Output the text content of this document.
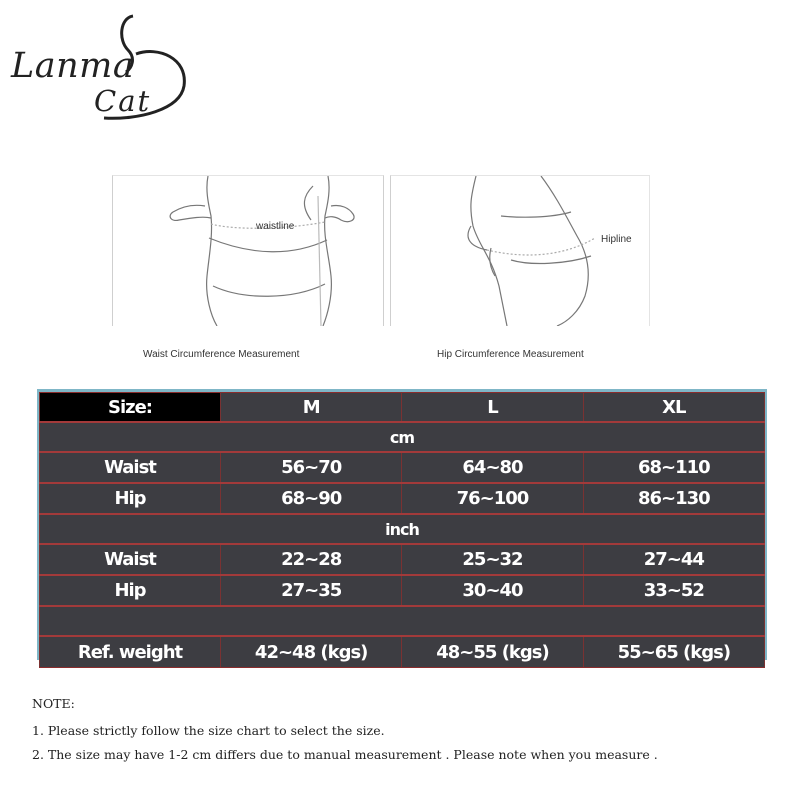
Lanma
Cat
waistline
Waist Circumference Measurement
Hipline
Hip Circumference Measurement
Size:	M	L	XL
cm			
Waist	56~70	64~80	68~110
Hip	68~90	76~100	86~130
inch			
Waist	22~28	25~32	27~44
Hip	27~35	30~40	33~52

Ref. weight	42~48 (kgs)	48~55 (kgs)	55~65 (kgs)
NOTE:
1. Please strictly follow the size chart to select the size.
2. The size may have 1-2 cm differs due to manual measurement . Please note when you measure .
